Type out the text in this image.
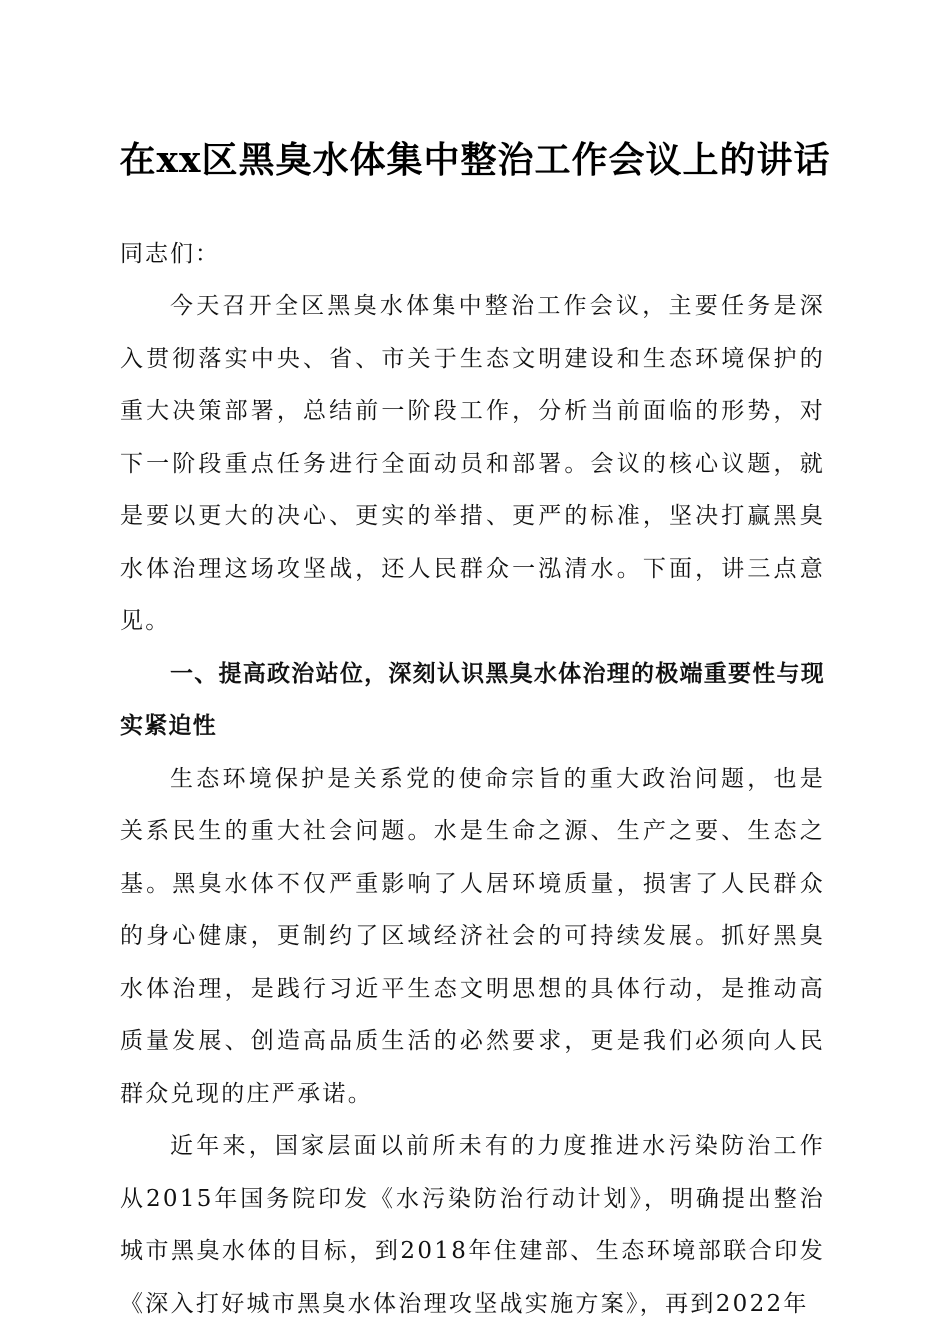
在xx区黑臭水体集中整治工作会议上的讲话

同志们：

今天召开全区黑臭水体集中整治工作会议，主要任务是深入贯彻落实中央、省、市关于生态文明建设和生态环境保护的重大决策部署，总结前一阶段工作，分析当前面临的形势，对下一阶段重点任务进行全面动员和部署。会议的核心议题，就是要以更大的决心、更实的举措、更严的标准，坚决打赢黑臭水体治理这场攻坚战，还人民群众一泓清水。下面，讲三点意见。

一、提高政治站位，深刻认识黑臭水体治理的极端重要性与现实紧迫性

生态环境保护是关系党的使命宗旨的重大政治问题，也是关系民生的重大社会问题。水是生命之源、生产之要、生态之基。黑臭水体不仅严重影响了人居环境质量，损害了人民群众的身心健康，更制约了区域经济社会的可持续发展。抓好黑臭水体治理，是践行习近平生态文明思想的具体行动，是推动高质量发展、创造高品质生活的必然要求，更是我们必须向人民群众兑现的庄严承诺。

近年来，国家层面以前所未有的力度推进水污染防治工作从2015年国务院印发《水污染防治行动计划》，明确提出整治城市黑臭水体的目标，到2018年住建部、生态环境部联合印发《深入打好城市黑臭水体治理攻坚战实施方案》，再到2022年
